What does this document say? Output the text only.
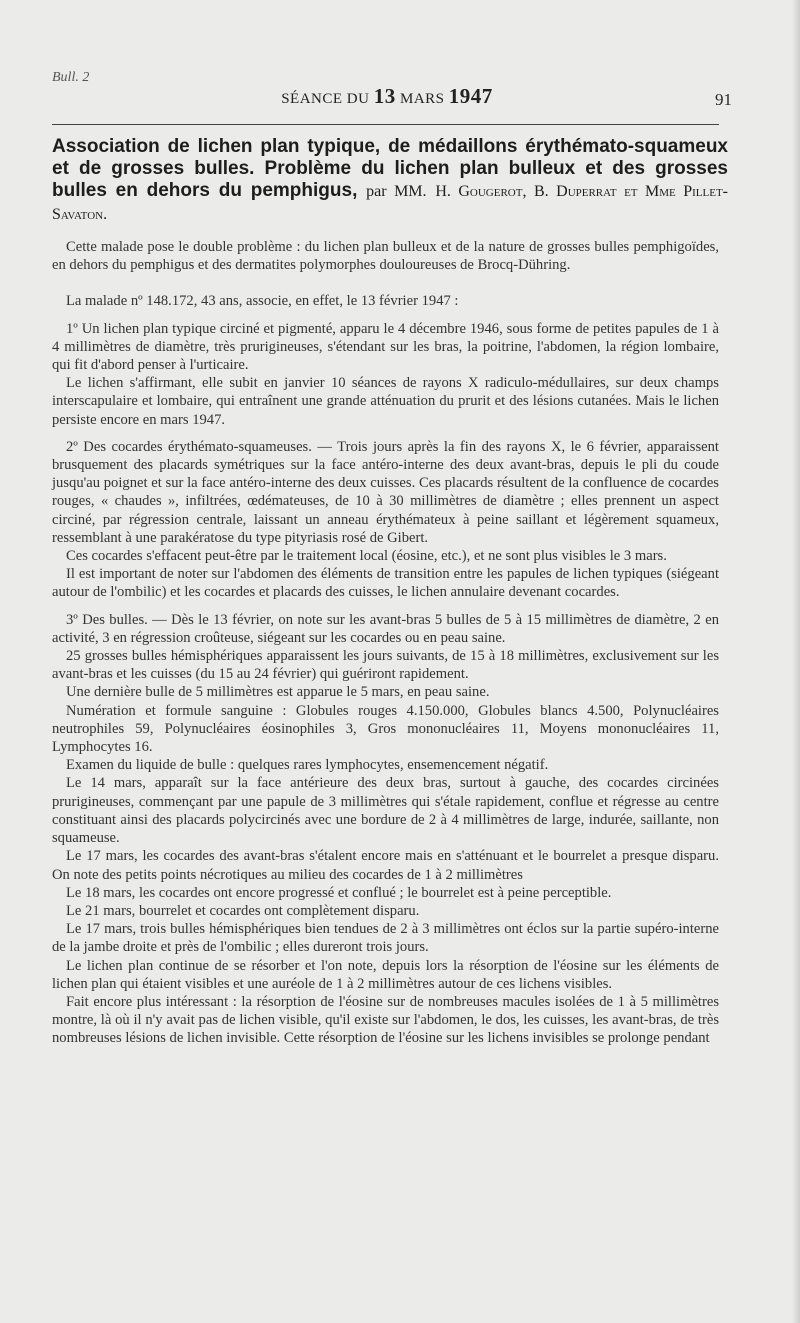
Bull. 2
SÉANCE DU 13 MARS 1947	91
Association de lichen plan typique, de médaillons érythémato-squameux et de grosses bulles. Problème du lichen plan bulleux et des grosses bulles en dehors du pemphigus, par MM. H. Gougerot, B. Duperrat et Mme Pillet-Savaton.

Cette malade pose le double problème : du lichen plan bulleux et de la nature de grosses bulles pemphigoïdes, en dehors du pemphigus et des dermatites polymorphes douloureuses de Brocq-Dühring.

La malade nº 148.172, 43 ans, associe, en effet, le 13 février 1947 :

1º Un lichen plan typique circiné et pigmenté, apparu le 4 décembre 1946, sous forme de petites papules de 1 à 4 millimètres de diamètre, très prurigineuses, s'étendant sur les bras, la poitrine, l'abdomen, la région lombaire, qui fit d'abord penser à l'urticaire.

Le lichen s'affirmant, elle subit en janvier 10 séances de rayons X radiculo-médullaires, sur deux champs interscapulaire et lombaire, qui entraînent une grande atténuation du prurit et des lésions cutanées. Mais le lichen persiste encore en mars 1947.

2º Des cocardes érythémato-squameuses. — Trois jours après la fin des rayons X, le 6 février, apparaissent brusquement des placards symétriques sur la face antéro-interne des deux avant-bras, depuis le pli du coude jusqu'au poignet et sur la face antéro-interne des deux cuisses. Ces placards résultent de la confluence de cocardes rouges, « chaudes », infiltrées, œdémateuses, de 10 à 30 millimètres de diamètre ; elles prennent un aspect circiné, par régression centrale, laissant un anneau érythémateux à peine saillant et légèrement squameux, ressemblant à une parakératose du type pityriasis rosé de Gibert.

Ces cocardes s'effacent peut-être par le traitement local (éosine, etc.), et ne sont plus visibles le 3 mars.

Il est important de noter sur l'abdomen des éléments de transition entre les papules de lichen typiques (siégeant autour de l'ombilic) et les cocardes et placards des cuisses, le lichen annulaire devenant cocardes.

3º Des bulles. — Dès le 13 février, on note sur les avant-bras 5 bulles de 5 à 15 millimètres de diamètre, 2 en activité, 3 en régression croûteuse, siégeant sur les cocardes ou en peau saine.

25 grosses bulles hémisphériques apparaissent les jours suivants, de 15 à 18 millimètres, exclusivement sur les avant-bras et les cuisses (du 15 au 24 février) qui guériront rapidement.

Une dernière bulle de 5 millimètres est apparue le 5 mars, en peau saine.

Numération et formule sanguine : Globules rouges 4.150.000, Globules blancs 4.500, Polynucléaires neutrophiles 59, Polynucléaires éosinophiles 3, Gros mononucléaires 11, Moyens mononucléaires 11, Lymphocytes 16.

Examen du liquide de bulle : quelques rares lymphocytes, ensemencement négatif.

Le 14 mars, apparaît sur la face antérieure des deux bras, surtout à gauche, des cocardes circinées prurigineuses, commençant par une papule de 3 millimètres qui s'étale rapidement, conflue et régresse au centre constituant ainsi des placards polycircinés avec une bordure de 2 à 4 millimètres de large, indurée, saillante, non squameuse.

Le 17 mars, les cocardes des avant-bras s'étalent encore mais en s'atténuant et le bourrelet a presque disparu. On note des petits points nécrotiques au milieu des cocardes de 1 à 2 millimètres

Le 18 mars, les cocardes ont encore progressé et conflué ; le bourrelet est à peine perceptible.

Le 21 mars, bourrelet et cocardes ont complètement disparu.

Le 17 mars, trois bulles hémisphériques bien tendues de 2 à 3 millimètres ont éclos sur la partie supéro-interne de la jambe droite et près de l'ombilic ; elles dureront trois jours.

Le lichen plan continue de se résorber et l'on note, depuis lors la résorption de l'éosine sur les éléments de lichen plan qui étaient visibles et une auréole de 1 à 2 millimètres autour de ces lichens visibles.

Fait encore plus intéressant : la résorption de l'éosine sur de nombreuses macules isolées de 1 à 5 millimètres montre, là où il n'y avait pas de lichen visible, qu'il existe sur l'abdomen, le dos, les cuisses, les avant-bras, de très nombreuses lésions de lichen invisible. Cette résorption de l'éosine sur les lichens invisibles se prolonge pendant
